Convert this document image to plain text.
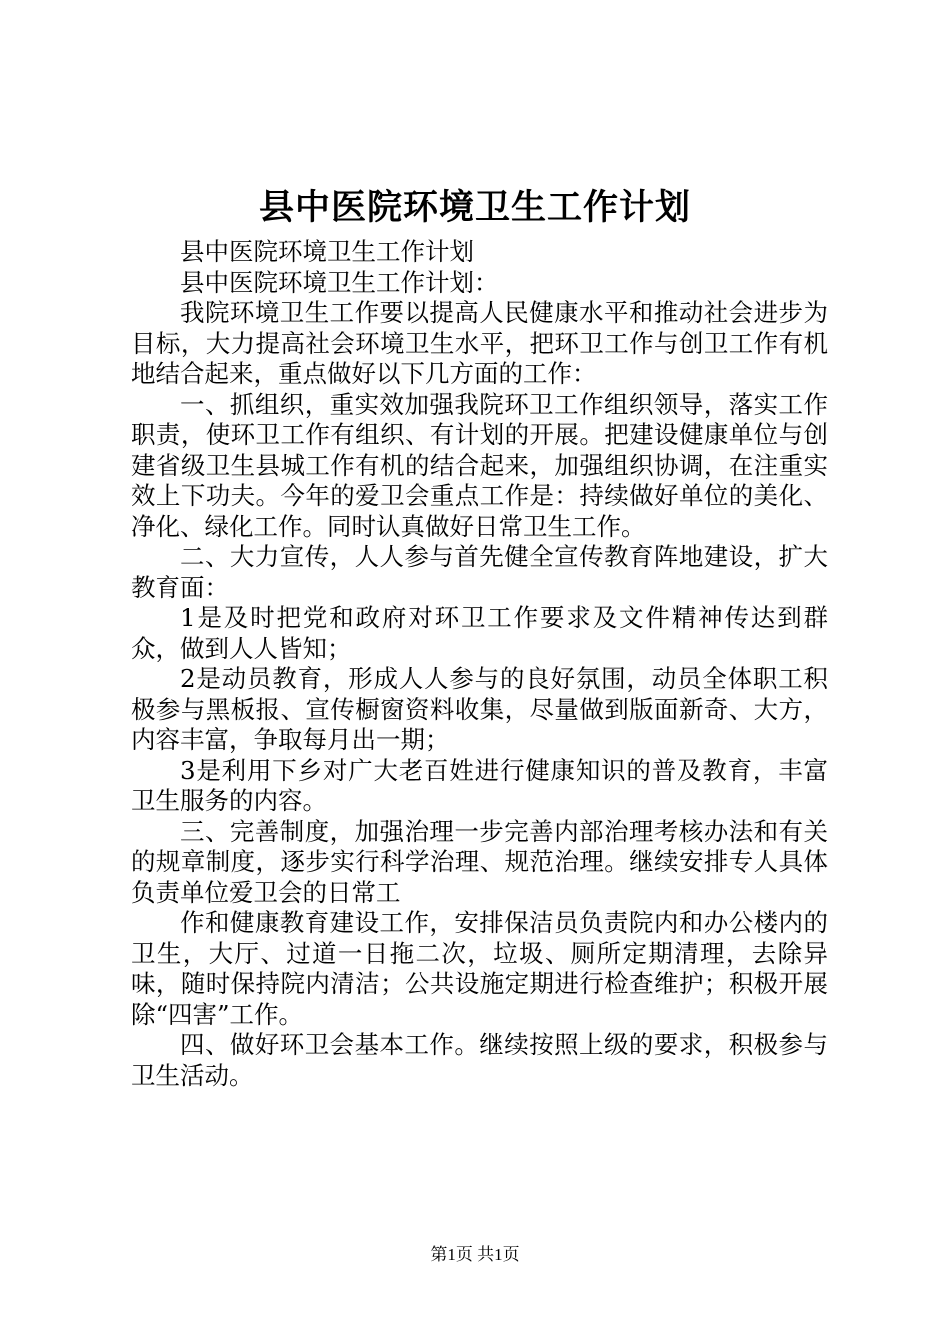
县中医院环境卫生工作计划

县中医院环境卫生工作计划

县中医院环境卫生工作计划：

我院环境卫生工作要以提高人民健康水平和推动社会进步为目标，大力提高社会环境卫生水平，把环卫工作与创卫工作有机地结合起来，重点做好以下几方面的工作：

一、抓组织，重实效加强我院环卫工作组织领导，落实工作职责，使环卫工作有组织、有计划的开展。把建设健康单位与创建省级卫生县城工作有机的结合起来，加强组织协调，在注重实效上下功夫。今年的爱卫会重点工作是：持续做好单位的美化、净化、绿化工作。同时认真做好日常卫生工作。

二、大力宣传，人人参与首先健全宣传教育阵地建设，扩大教育面：

1是及时把党和政府对环卫工作要求及文件精神传达到群众，做到人人皆知；

2是动员教育，形成人人参与的良好氛围，动员全体职工积极参与黑板报、宣传橱窗资料收集，尽量做到版面新奇、大方，内容丰富，争取每月出一期；

3是利用下乡对广大老百姓进行健康知识的普及教育，丰富卫生服务的内容。

三、完善制度，加强治理一步完善内部治理考核办法和有关的规章制度，逐步实行科学治理、规范治理。继续安排专人具体负责单位爱卫会的日常工

作和健康教育建设工作，安排保洁员负责院内和办公楼内的卫生，大厅、过道一日拖二次，垃圾、厕所定期清理，去除异味，随时保持院内清洁；公共设施定期进行检查维护；积极开展除“四害”工作。

四、做好环卫会基本工作。继续按照上级的要求，积极参与卫生活动。

第1页 共1页
